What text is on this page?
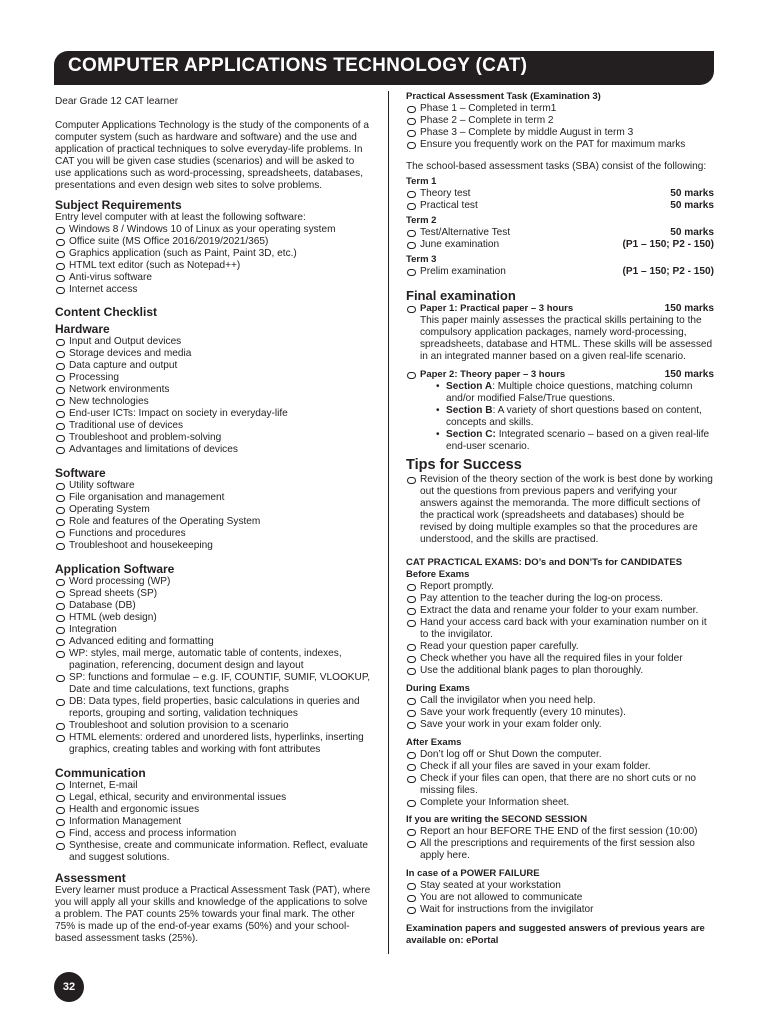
COMPUTER APPLICATIONS TECHNOLOGY (CAT)

Dear Grade 12 CAT learner

Computer Applications Technology is the study of the components of a computer system (such as hardware and software) and the use and application of practical techniques to solve everyday-life problems. In CAT you will be given case studies (scenarios) and will be asked to use applications such as word-processing, spreadsheets, databases, presentations and even design web sites to solve problems.

Subject Requirements

Entry level computer with at least the following software:

Windows 8 / Windows 10 of Linux as your operating system
Office suite (MS Office 2016/2019/2021/365)
Graphics application (such as Paint, Paint 3D, etc.)
HTML text editor (such as Notepad++)
Anti-virus software
Internet access
Content Checklist
Hardware
Input and Output devices
Storage devices and media
Data capture and output
Processing
Network environments
New technologies
End-user ICTs: Impact on society in everyday-life
Traditional use of devices
Troubleshoot and problem-solving
Advantages and limitations of devices
Software
Utility software
File organisation and management
Operating System
Role and features of the Operating System
Functions and procedures
Troubleshoot and housekeeping
Application Software
Word processing (WP)
Spread sheets (SP)
Database (DB)
HTML (web design)
Integration
Advanced editing and formatting
WP: styles, mail merge, automatic table of contents, indexes, pagination, referencing, document design and layout
SP: functions and formulae – e.g. IF, COUNTIF, SUMIF, VLOOKUP, Date and time calculations, text functions, graphs
DB: Data types, field properties, basic calculations in queries and reports, grouping and sorting, validation techniques
Troubleshoot and solution provision to a scenario
HTML elements: ordered and unordered lists, hyperlinks, inserting graphics, creating tables and working with font attributes
Communication
Internet, E-mail
Legal, ethical, security and environmental issues
Health and ergonomic issues
Information Management
Find, access and process information
Synthesise, create and communicate information. Reflect, evaluate and suggest solutions.
Assessment

Every learner must produce a Practical Assessment Task (PAT), where you will apply all your skills and knowledge of the applications to solve a problem. The PAT counts 25% towards your final mark. The other 75% is made up of the end-of-year exams (50%) and your school-based assessment tasks (25%).

Practical Assessment Task (Examination 3)
Phase 1 – Completed in term1
Phase 2 – Complete in term 2
Phase 3 – Complete by middle August in term 3
Ensure you frequently work on the PAT for maximum marks

The school-based assessment tasks (SBA) consist of the following:

Term 1
Theory test	50 marks
Practical test	50 marks
Term 2
Test/Alternative Test	50 marks
June examination	(P1 – 150; P2 - 150)
Term 3
Prelim examination	(P1 – 150; P2 - 150)
Final examination
Paper 1: Practical paper – 3 hours	150 marks

This paper mainly assesses the practical skills pertaining to the compulsory application packages, namely word-processing, spreadsheets, database and HTML. These skills will be assessed in an integrated manner based on a given real-life scenario.

Paper 2: Theory paper – 3 hours	150 marks
• Section A: Multiple choice questions, matching column and/or modified False/True questions.
• Section B: A variety of short questions based on content, concepts and skills.
• Section C: Integrated scenario – based on a given real-life end-user scenario.
Tips for Success
Revision of the theory section of the work is best done by working out the questions from previous papers and verifying your answers against the memoranda. The more difficult sections of the practical work (spreadsheets and databases) should be revised by doing multiple examples so that the procedures are understood, and the skills are practised.
CAT PRACTICAL EXAMS: DO’s and DON’Ts for CANDIDATES
Before Exams
Report promptly.
Pay attention to the teacher during the log-on process.
Extract the data and rename your folder to your exam number.
Hand your access card back with your examination number on it to the invigilator.
Read your question paper carefully.
Check whether you have all the required files in your folder
Use the additional blank pages to plan thoroughly.
During Exams
Call the invigilator when you need help.
Save your work frequently (every 10 minutes).
Save your work in your exam folder only.
After Exams
Don’t log off or Shut Down the computer.
Check if all your files are saved in your exam folder.
Check if your files can open, that there are no short cuts or no missing files.
Complete your Information sheet.
If you are writing the SECOND SESSION
Report an hour BEFORE THE END of the first session (10:00)
All the prescriptions and requirements of the first session also apply here.
In case of a POWER FAILURE
Stay seated at your workstation
You are not allowed to communicate
Wait for instructions from the invigilator

Examination papers and suggested answers of previous years are available on: ePortal

32
